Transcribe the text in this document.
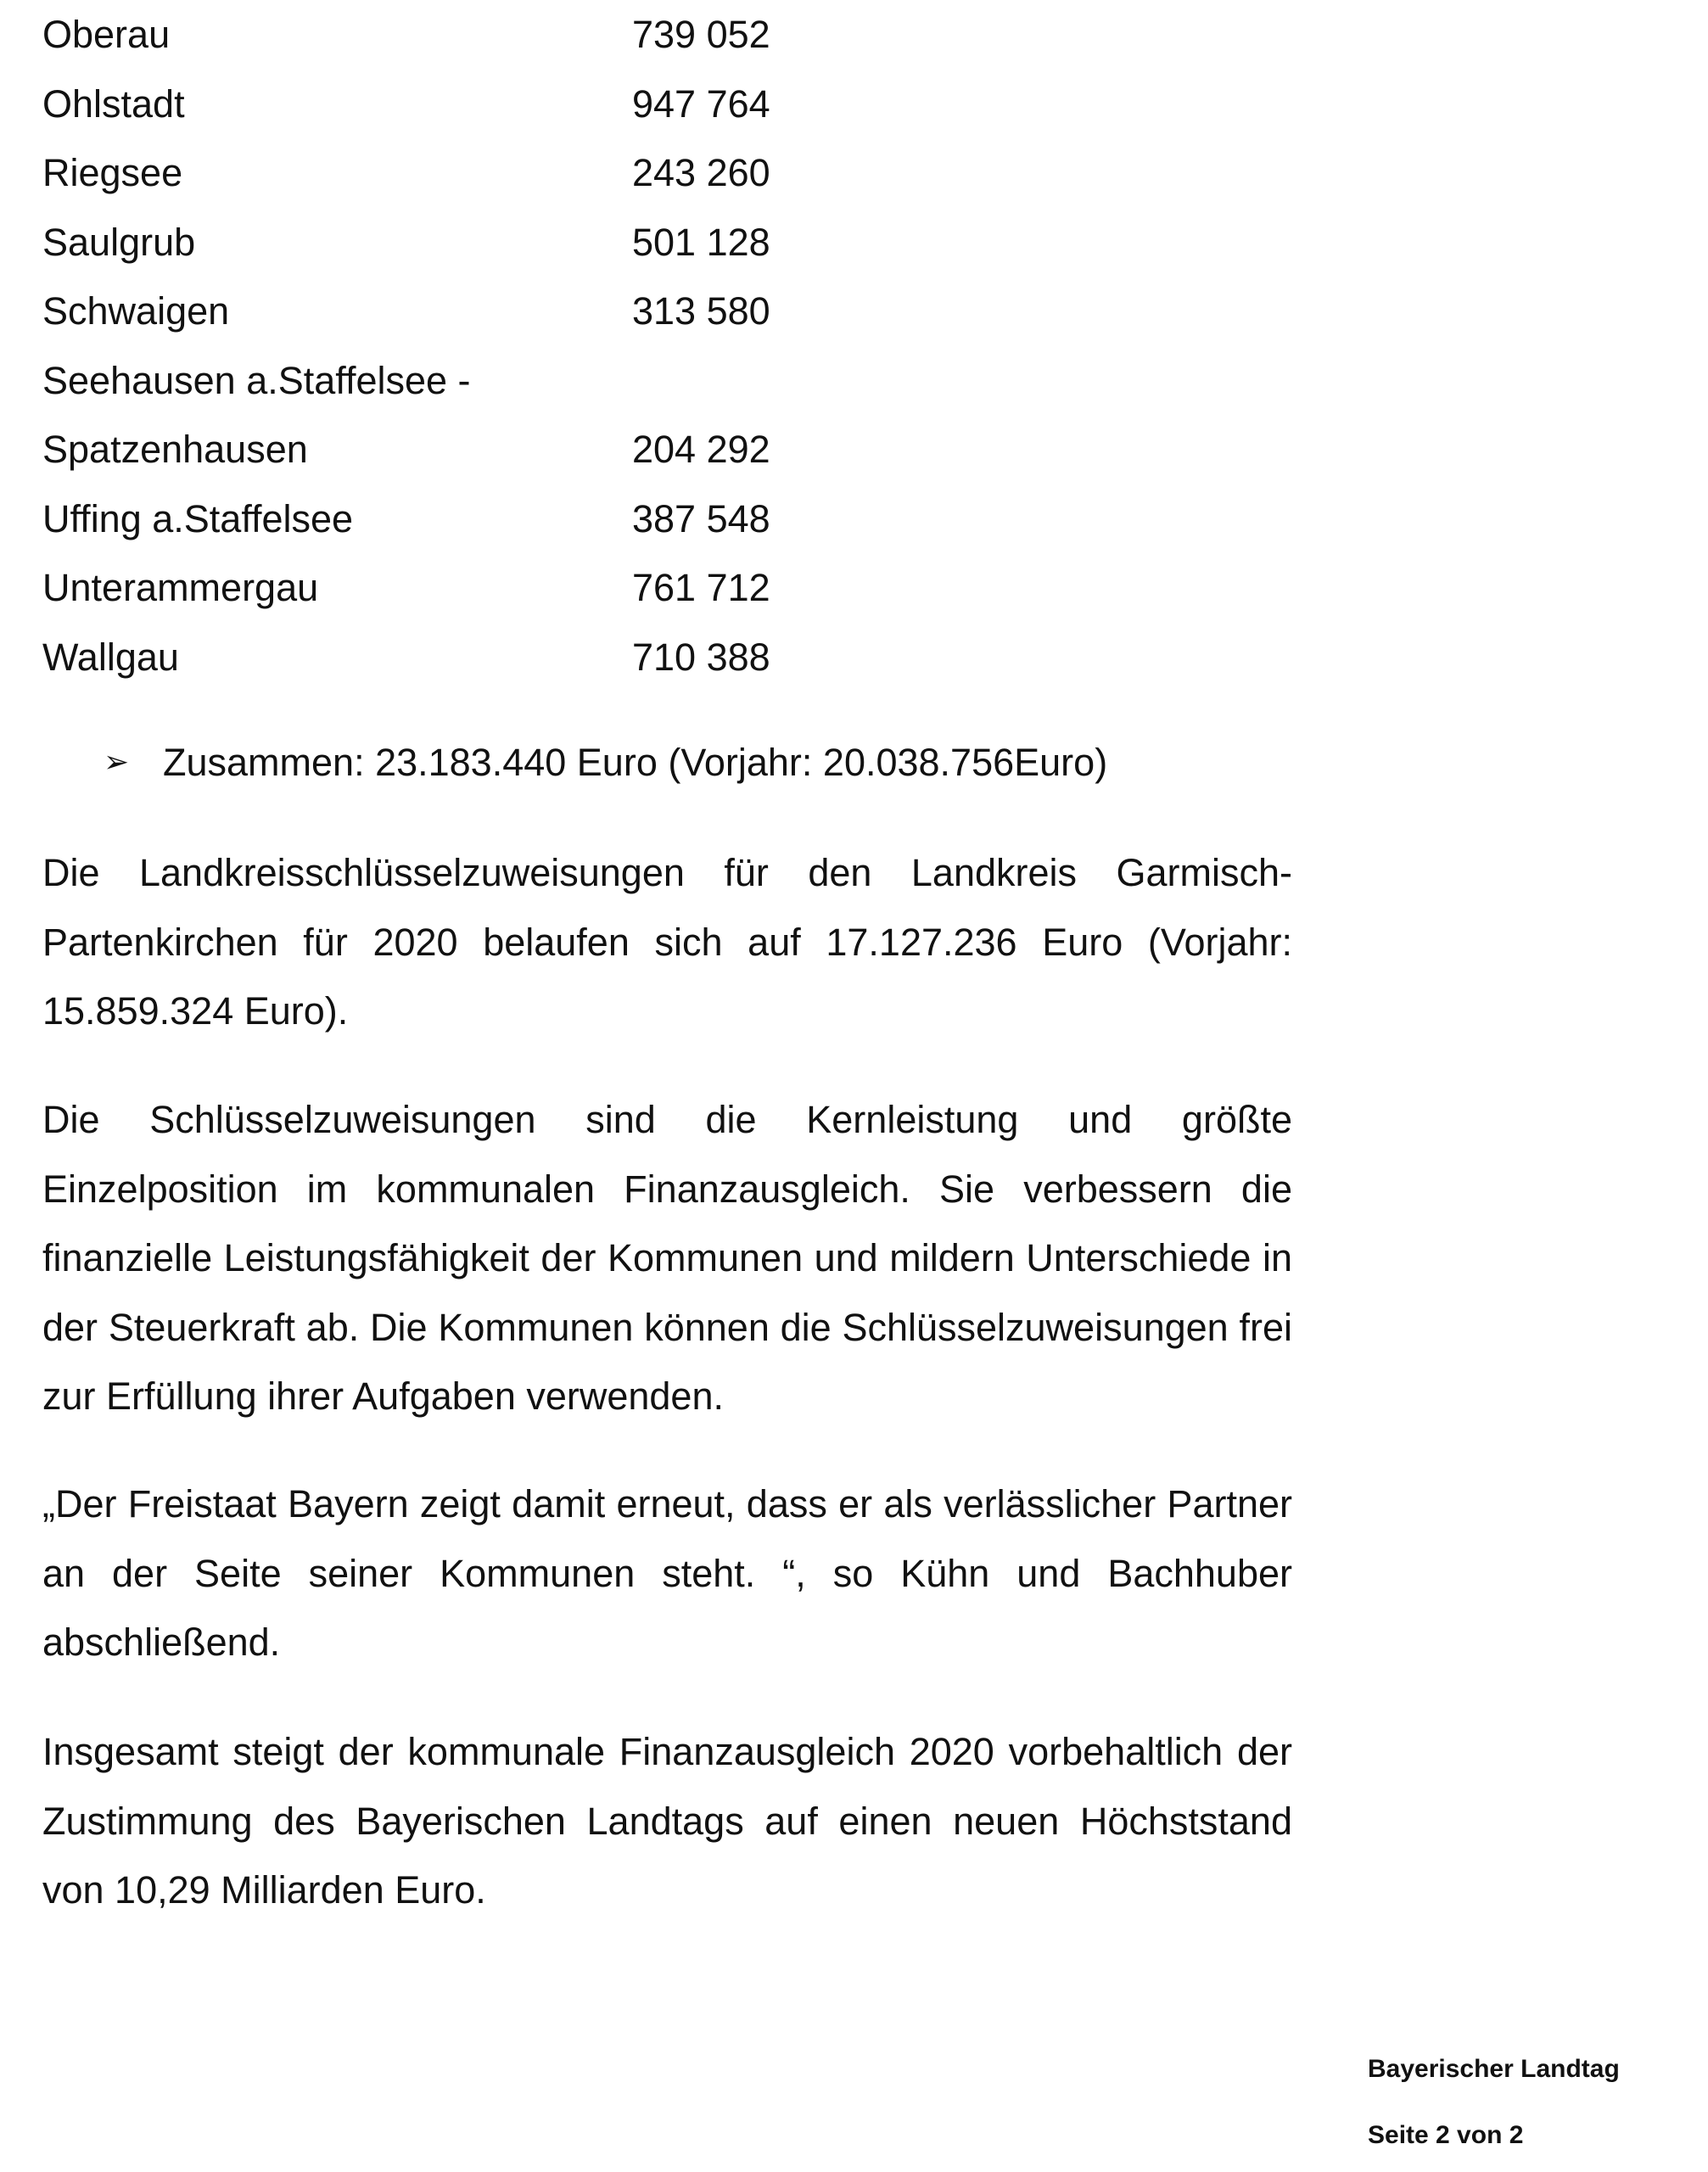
Oberau	739 052
Ohlstadt	947 764
Riegsee	243 260
Saulgrub	501 128
Schwaigen	313 580
Seehausen a.Staffelsee -
Spatzenhausen	204 292
Uffing a.Staffelsee	387 548
Unterammergau	761 712
Wallgau	710 388
➢ Zusammen: 23.183.440 Euro (Vorjahr: 20.038.756Euro)

Die Landkreisschlüsselzuweisungen für den Landkreis Garmisch-Partenkirchen für 2020 belaufen sich auf 17.127.236 Euro (Vorjahr: 15.859.324 Euro).

Die Schlüsselzuweisungen sind die Kernleistung und größte Einzelposition im kommunalen Finanzausgleich. Sie verbessern die finanzielle Leistungsfähigkeit der Kommunen und mildern Unterschiede in der Steuerkraft ab. Die Kommunen können die Schlüsselzuweisungen frei zur Erfüllung ihrer Aufgaben verwenden.

„Der Freistaat Bayern zeigt damit erneut, dass er als verlässlicher Partner an der Seite seiner Kommunen steht. “, so Kühn und Bachhuber abschließend.

Insgesamt steigt der kommunale Finanzausgleich 2020 vorbehaltlich der Zustimmung des Bayerischen Landtags auf einen neuen Höchststand von 10,29 Milliarden Euro.

Bayerischer Landtag
Seite 2 von 2
